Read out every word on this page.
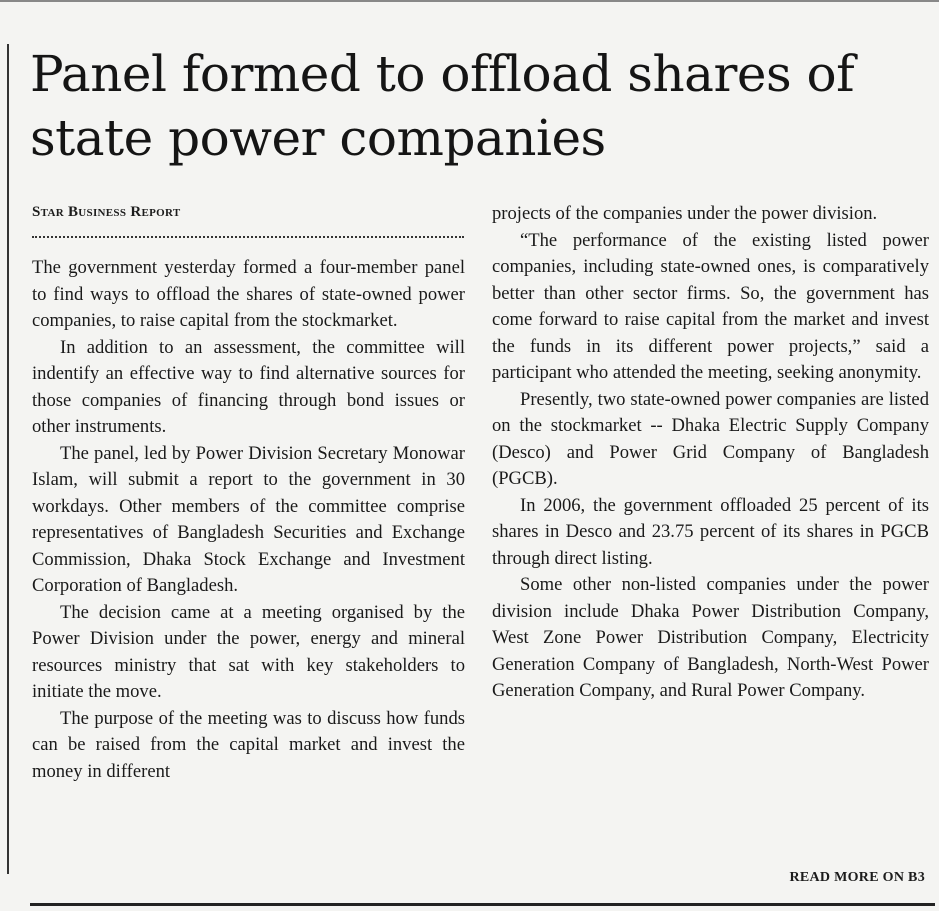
Panel formed to offload shares of state power companies

Star Business Report

The government yesterday formed a four-member panel to find ways to offload the shares of state-owned power companies, to raise capital from the stockmarket.

In addition to an assessment, the committee will indentify an effective way to find alternative sources for those companies of financing through bond issues or other instruments.

The panel, led by Power Division Secretary Monowar Islam, will submit a report to the government in 30 workdays. Other members of the committee comprise representatives of Bangladesh Securities and Exchange Commission, Dhaka Stock Exchange and Investment Corporation of Bangladesh.

The decision came at a meeting organised by the Power Division under the power, energy and mineral resources ministry that sat with key stakeholders to initiate the move.

The purpose of the meeting was to discuss how funds can be raised from the capital market and invest the money in different

projects of the companies under the power division.

“The performance of the existing listed power companies, including state-owned ones, is comparatively better than other sector firms. So, the government has come forward to raise capital from the market and invest the funds in its different power projects,” said a participant who attended the meeting, seeking anonymity.

Presently, two state-owned power companies are listed on the stockmarket -- Dhaka Electric Supply Company (Desco) and Power Grid Company of Bangladesh (PGCB).

In 2006, the government offloaded 25 percent of its shares in Desco and 23.75 percent of its shares in PGCB through direct listing.

Some other non-listed companies under the power division include Dhaka Power Distribution Company, West Zone Power Distribution Company, Electricity Generation Company of Bangladesh, North-West Power Generation Company, and Rural Power Company.

READ MORE ON B3
